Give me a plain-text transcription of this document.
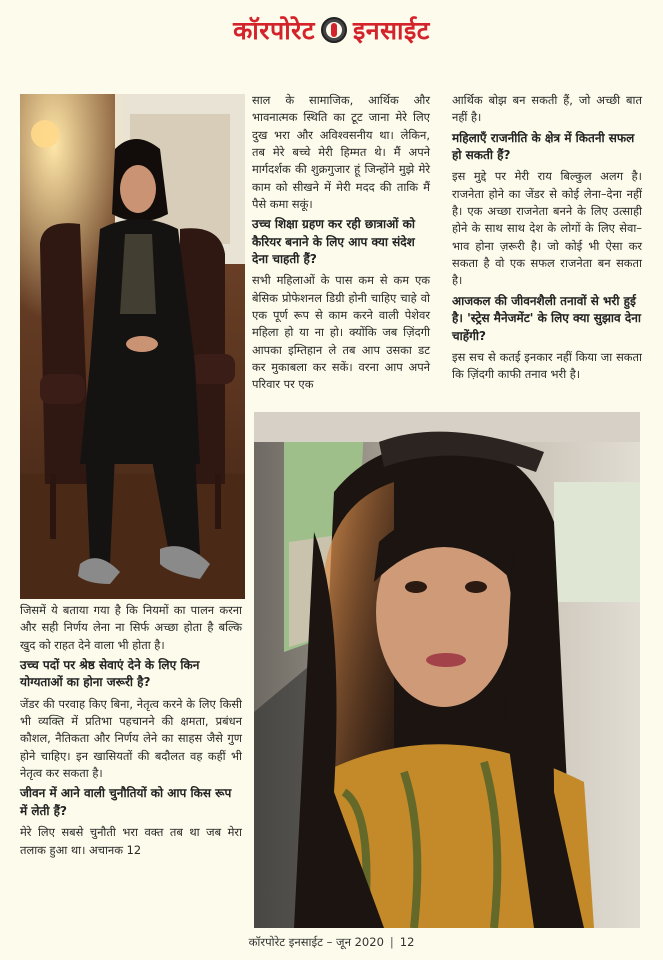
कॉरपोरेट इनसाईट

साल के सामाजिक, आर्थिक और भावनात्मक स्थिति का टूट जाना मेरे लिए दुख भरा और अविश्वसनीय था। लेकिन, तब मेरे बच्चे मेरी हिम्मत थे। मैं अपने मार्गदर्शक की शुक्रगुजार हूं जिन्होंने मुझे मेरे काम को सीखने में मेरी मदद की ताकि मैं पैसे कमा सकूं।

उच्च शिक्षा ग्रहण कर रही छात्राओं को कैरियर बनाने के लिए आप क्या संदेश देना चाहती हैं?

सभी महिलाओं के पास कम से कम एक बेसिक प्रोफेशनल डिग्री होनी चाहिए चाहे वो एक पूर्ण रूप से काम करने वाली पेशेवर महिला हो या ना हो। क्योंकि जब ज़िंदगी आपका इम्तिहान ले तब आप उसका डट कर मुकाबला कर सकें। वरना आप अपने परिवार पर एक

आर्थिक बोझ बन सकती हैं, जो अच्छी बात नहीं है।

महिलाएँ राजनीति के क्षेत्र में कितनी सफल हो सकती हैं?

इस मुद्दे पर मेरी राय बिल्कुल अलग है। राजनेता होने का जेंडर से कोई लेना–देना नहीं है। एक अच्छा राजनेता बनने के लिए उत्साही होने के साथ साथ देश के लोगों के लिए सेवा–भाव होना ज़रूरी है। जो कोई भी ऐसा कर सकता है वो एक सफल राजनेता बन सकता है।

आजकल की जीवनशैली तनावों से भरी हुई है। 'स्ट्रेस मैनेजमेंट' के लिए क्या सुझाव देना चाहेंगी?

इस सच से कतई इनकार नहीं किया जा सकता कि ज़िंदगी काफी तनाव भरी है।

जिसमें ये बताया गया है कि नियमों का पालन करना और सही निर्णय लेना ना सिर्फ अच्छा होता है बल्कि खुद को राहत देने वाला भी होता है।

उच्च पदों पर श्रेष्ठ सेवाएं देने के लिए किन योग्यताओं का होना जरूरी है?

जेंडर की परवाह किए बिना, नेतृत्व करने के लिए किसी भी व्यक्ति में प्रतिभा पहचानने की क्षमता, प्रबंधन कौशल, नैतिकता और निर्णय लेने का साहस जैसे गुण होने चाहिए। इन खासियतों की बदौलत वह कहीं भी नेतृत्व कर सकता है।

जीवन में आने वाली चुनौतियों को आप किस रूप में लेती हैं?

मेरे लिए सबसे चुनौती भरा वक्त तब था जब मेरा तलाक हुआ था। अचानक 12

कॉरपोरेट इनसाईट – जून 2020 | 12
